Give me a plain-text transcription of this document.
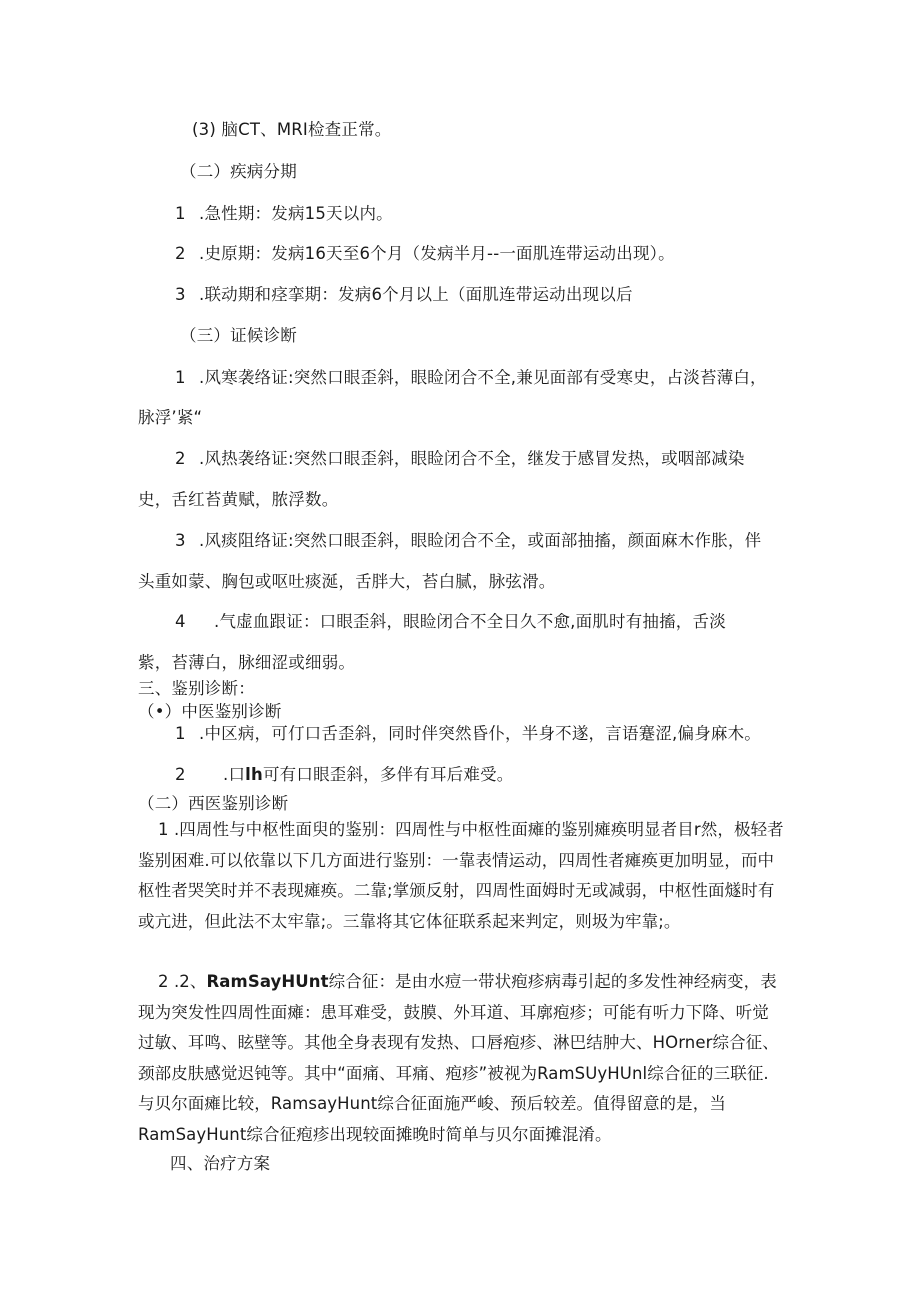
(3) 脑CT、MRI检查正常。

（二）疾病分期

1 .急性期：发病15天以内。

2 .史原期：发病16天至6个月（发病半月--一面肌连带运动出现）。

3 .联动期和痉挛期：发病6个月以上（面肌连带运动出现以后

（三）证候诊断

1 .风寒袭络证:突然口眼歪斜，眼睑闭合不全,兼见面部有受寒史，占淡苔薄白，

脉浮’紧“

2 .风热袭络证:突然口眼歪斜，眼睑闭合不全，继发于感冒发热，或咽部减染

史，舌红苔黄赋，脓浮数。

3 .风痰阻络证:突然口眼歪斜，眼睑闭合不全，或面部抽搐，颜面麻木作胀，伴

头重如蒙、胸包或呕吐痰涎，舌胖大，苔白腻，脉弦滑。

4 .气虚血跟证：口眼歪斜，眼睑闭合不全日久不愈,面肌时有抽搐，舌淡

紫，苔薄白，脉细涩或细弱。

三、鉴别诊断：

（•）中医鉴别诊断

1 .中区病，可仃口舌歪斜，同时伴突然昏仆，半身不遂，言语蹇涩,偏身麻木。

2 .口lh可有口眼歪斜，多伴有耳后难受。

（二）西医鉴别诊断

1 .四周性与中枢性面臾的鉴别：四周性与中枢性面瘫的鉴别瘫痪明显者目r然，极轻者鉴别困难.可以依靠以下几方面进行鉴别：一靠表情运动，四周性者瘫痪更加明显，而中枢性者哭笑时并不表现瘫痪。二靠;掌颁反射，四周性面姆时无或减弱，中枢性面燧时有或亢进，但此法不太牢靠;。三靠将其它体征联系起来判定，则圾为牢靠;。

2 .2、RamSayHUnt综合征：是由水痘一带状疱疹病毒引起的多发性神经病变，表现为突发性四周性面瘫：患耳难受，鼓膜、外耳道、耳廓疱疹；可能有听力下降、听觉过敏、耳鸣、眩壁等。其他全身表现有发热、口唇疱疹、淋巴结肿大、HOrner综合征、颈部皮肤感觉迟钝等。其中“面痛、耳痛、疱疹”被视为RamSUyHUnl综合征的三联征.与贝尔面瘫比较，RamsayHunt综合征面施严峻、预后较差。值得留意的是，当RamSayHunt综合征疱疹出现较面摊晚时简单与贝尔面摊混淆。

四、治疗方案
